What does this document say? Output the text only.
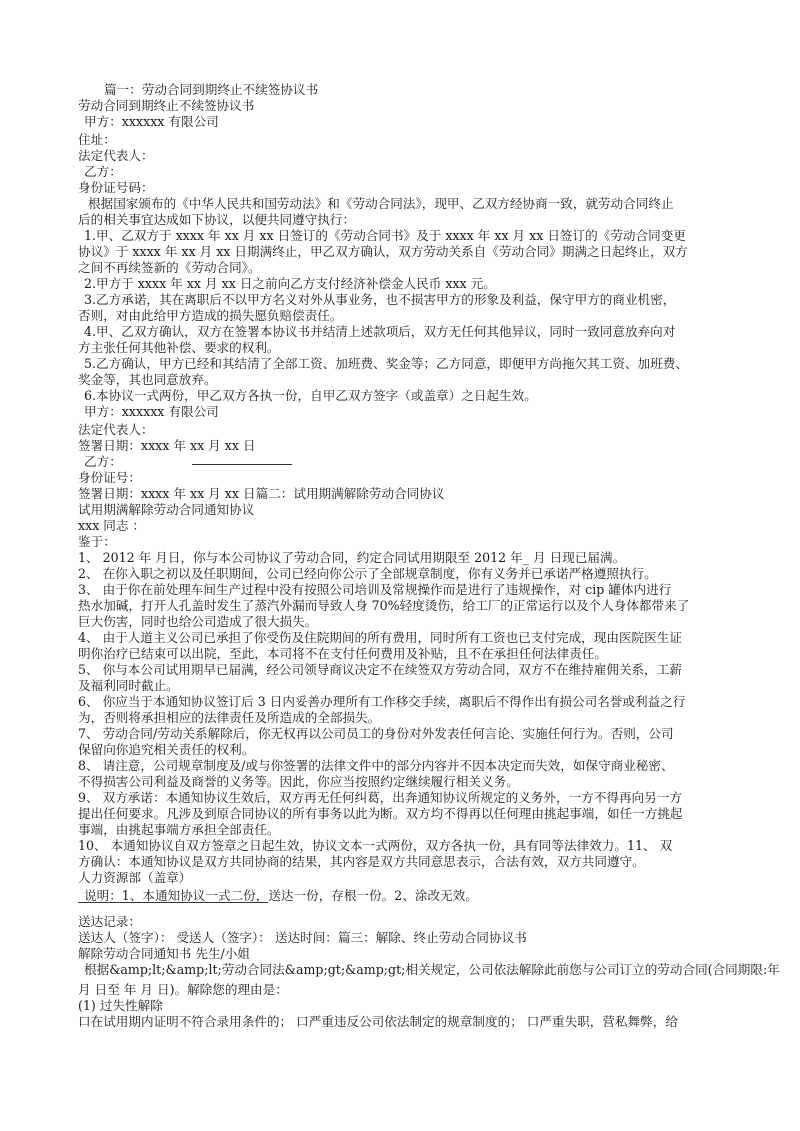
篇一：劳动合同到期终止不续签协议书
劳动合同到期终止不续签协议书
甲方：xxxxxx 有限公司
住址：
法定代表人：
乙方：
身份证号码：
根据国家颁布的《中华人民共和国劳动法》和《劳动合同法》，现甲、乙双方经协商一致，就劳动合同终止
后的相关事宜达成如下协议，以便共同遵守执行：
1.甲、乙双方于 xxxx 年 xx 月 xx 日签订的《劳动合同书》及于 xxxx 年 xx 月 xx 日签订的《劳动合同变更
协议》于 xxxx 年 xx 月 xx 日期满终止，甲乙双方确认，双方劳动关系自《劳动合同》期满之日起终止，双方
之间不再续签新的《劳动合同》。
2.甲方于 xxxx 年 xx 月 xx 日之前向乙方支付经济补偿金人民币 xxx 元。
3.乙方承诺，其在离职后不以甲方名义对外从事业务，也不损害甲方的形象及利益，保守甲方的商业机密，
否则，对由此给甲方造成的损失愿负赔偿责任。
4.甲、乙双方确认，双方在签署本协议书并结清上述款项后，双方无任何其他异议，同时一致同意放弃向对
方主张任何其他补偿、要求的权利。
5.乙方确认，甲方已经和其结清了全部工资、加班费、奖金等；乙方同意，即便甲方尚拖欠其工资、加班费、
奖金等，其也同意放弃。
6.本协议一式两份，甲乙双方各执一份，自甲乙双方签字（或盖章）之日起生效。
甲方：xxxxxx 有限公司
法定代表人：
签署日期：xxxx 年 xx 月 xx 日
乙方：
身份证号：
签署日期：xxxx 年 xx 月 xx 日篇二：试用期满解除劳动合同协议
试用期满解除劳动合同通知协议
xxx 同志 ：
鉴于：
1、 2012 年 月日，你与本公司协议了劳动合同，约定合同试用期限至 2012 年_ 月 日现已届满。
2、 在你入职之初以及任职期间，公司已经向你公示了全部规章制度，你有义务并已承诺严格遵照执行。
3、 由于你在前处理车间生产过程中没有按照公司培训及常规操作而是进行了违规操作，对 cip 罐体内进行
热水加碱，打开人孔盖时发生了蒸汽外漏而导致人身 70%轻度烫伤，给工厂的正常运行以及个人身体都带来了
巨大伤害，同时也给公司造成了很大损失。
4、 由于人道主义公司已承担了你受伤及住院期间的所有费用，同时所有工资也已支付完成，现由医院医生证
明你治疗已结束可以出院，至此，本司将不在支付任何费用及补贴，且不在承担任何法律责任。
5、 你与本公司试用期早已届满，经公司领导商议决定不在续签双方劳动合同，双方不在维持雇佣关系，工薪
及福利同时截止。
6、 你应当于本通知协议签订后 3 日内妥善办理所有工作移交手续，离职后不得作出有损公司名誉或利益之行
为，否则将承担相应的法律责任及所造成的全部损失。
7、 劳动合同/劳动关系解除后，你无权再以公司员工的身份对外发表任何言论、实施任何行为。否则，公司
保留向你追究相关责任的权利。
8、 请注意，公司规章制度及/或与你签署的法律文件中的部分内容并不因本决定而失效，如保守商业秘密、
不得损害公司利益及商誉的义务等。因此，你应当按照约定继续履行相关义务。
9、 双方承诺：本通知协议生效后，双方再无任何纠葛，出奔通知协议所规定的义务外，一方不得再向另一方
提出任何要求。凡涉及到原合同协议的所有事务以此为断。双方均不得再以任何理由挑起事端，如任一方挑起
事端，由挑起事端方承担全部责任。
10、 本通知协议自双方签章之日起生效，协议文本一式两份，双方各执一份，具有同等法律效力。11、 双
方确认：本通知协议是双方共同协商的结果，其内容是双方共同意思表示，合法有效，双方共同遵守。
人力资源部（盖章）
说明：1、本通知协议一式二份，送达一份，存根一份。2、涂改无效。
送达记录：
送达人（签字）： 受送人（签字）： 送达时间：篇三：解除、终止劳动合同协议书
解除劳动合同通知书 先生/小姐
根据&amp;lt;&amp;lt;劳动合同法&amp;gt;&amp;gt;相关规定，公司依法解除此前您与公司订立的劳动合同(合同期限:年
月 日至 年 月 日)。解除您的理由是：
(1) 过失性解除
口在试用期内证明不符合录用条件的； 口严重违反公司依法制定的规章制度的； 口严重失职，营私舞弊，给
